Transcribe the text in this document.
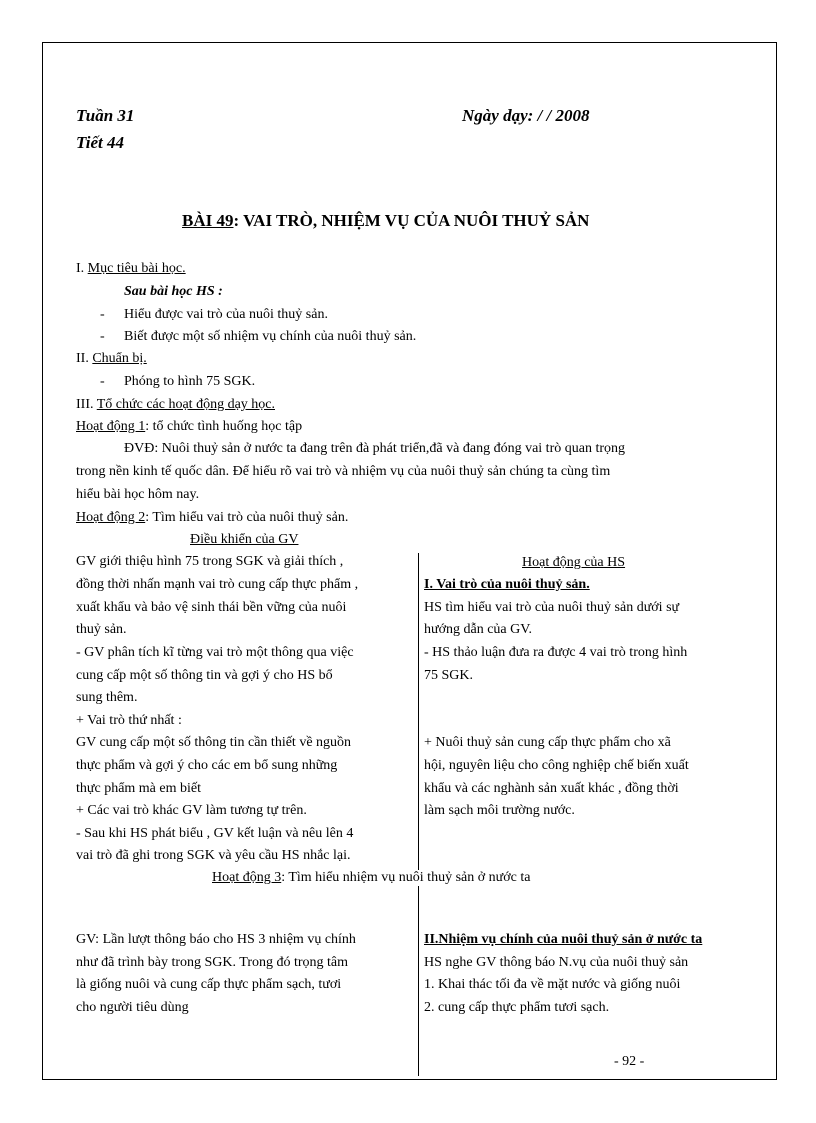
Tuần 31
Tiết 44
Ngày dạy: / / 2008
BÀI 49: VAI TRÒ, NHIỆM VỤ CỦA NUÔI THUỶ SẢN
I. Mục tiêu bài học.
Sau bài học HS :
- Hiểu được vai trò của nuôi thuỷ sản.
- Biết được một số nhiệm vụ chính của nuôi thuỷ sản.
II. Chuẩn bị.
- Phóng to hình 75 SGK.
III. Tổ chức các hoạt động dạy học.
Hoạt động 1: tổ chức tình huống học tập
ĐVĐ: Nuôi thuỷ sản ở nước ta đang trên đà phát triển,đã và đang đóng vai trò quan trọng
trong nền kinh tế quốc dân. Để hiểu rõ vai trò và nhiệm vụ của nuôi thuỷ sản chúng ta cùng tìm
hiểu bài học hôm nay.
Hoạt động 2: Tìm hiểu vai trò của nuôi thuỷ sản.
Điều khiển của GV
Hoạt động của HS
GV giới thiệu hình 75 trong SGK và giải thích ,
đồng thời nhấn mạnh vai trò cung cấp thực phẩm ,
xuất khẩu và bảo vệ sinh thái bền vững của nuôi
thuỷ sản.
- GV phân tích kĩ từng vai trò một thông qua việc
cung cấp một số thông tin và gợi ý cho HS bổ
sung thêm.
+ Vai trò thứ nhất :
GV cung cấp một số thông tin cần thiết về nguồn
thực phẩm và gợi ý cho các em bổ sung những
thực phẩm mà em biết
+ Các vai trò khác GV làm tương tự trên.
- Sau khi HS phát biểu , GV kết luận và nêu lên 4
vai trò đã ghi trong SGK và yêu cầu HS nhắc lại.
I. Vai trò của nuôi thuỷ sản.
HS tìm hiểu vai trò của nuôi thuỷ sản dưới sự
hướng dẫn của GV.
- HS thảo luận đưa ra được 4 vai trò trong hình
75 SGK.
+ Nuôi thuỷ sản cung cấp thực phẩm cho xã
hội, nguyên liệu cho công nghiệp chế biến xuất
khẩu và các nghành sản xuất khác , đồng thời
làm sạch môi trường nước.
Hoạt động 3: Tìm hiểu nhiệm vụ nuôi thuỷ sản ở nước ta
GV: Lần lượt thông báo cho HS 3 nhiệm vụ chính
như đã trình bày trong SGK. Trong đó trọng tâm
là giống nuôi và cung cấp thực phẩm sạch, tươi
cho người tiêu dùng
II.Nhiệm vụ chính của nuôi thuỷ sản ở nước ta
HS nghe GV thông báo N.vụ của nuôi thuỷ sản
1. Khai thác tối đa về mặt nước và giống nuôi
2. cung cấp thực phẩm tươi sạch.
- 92 -
